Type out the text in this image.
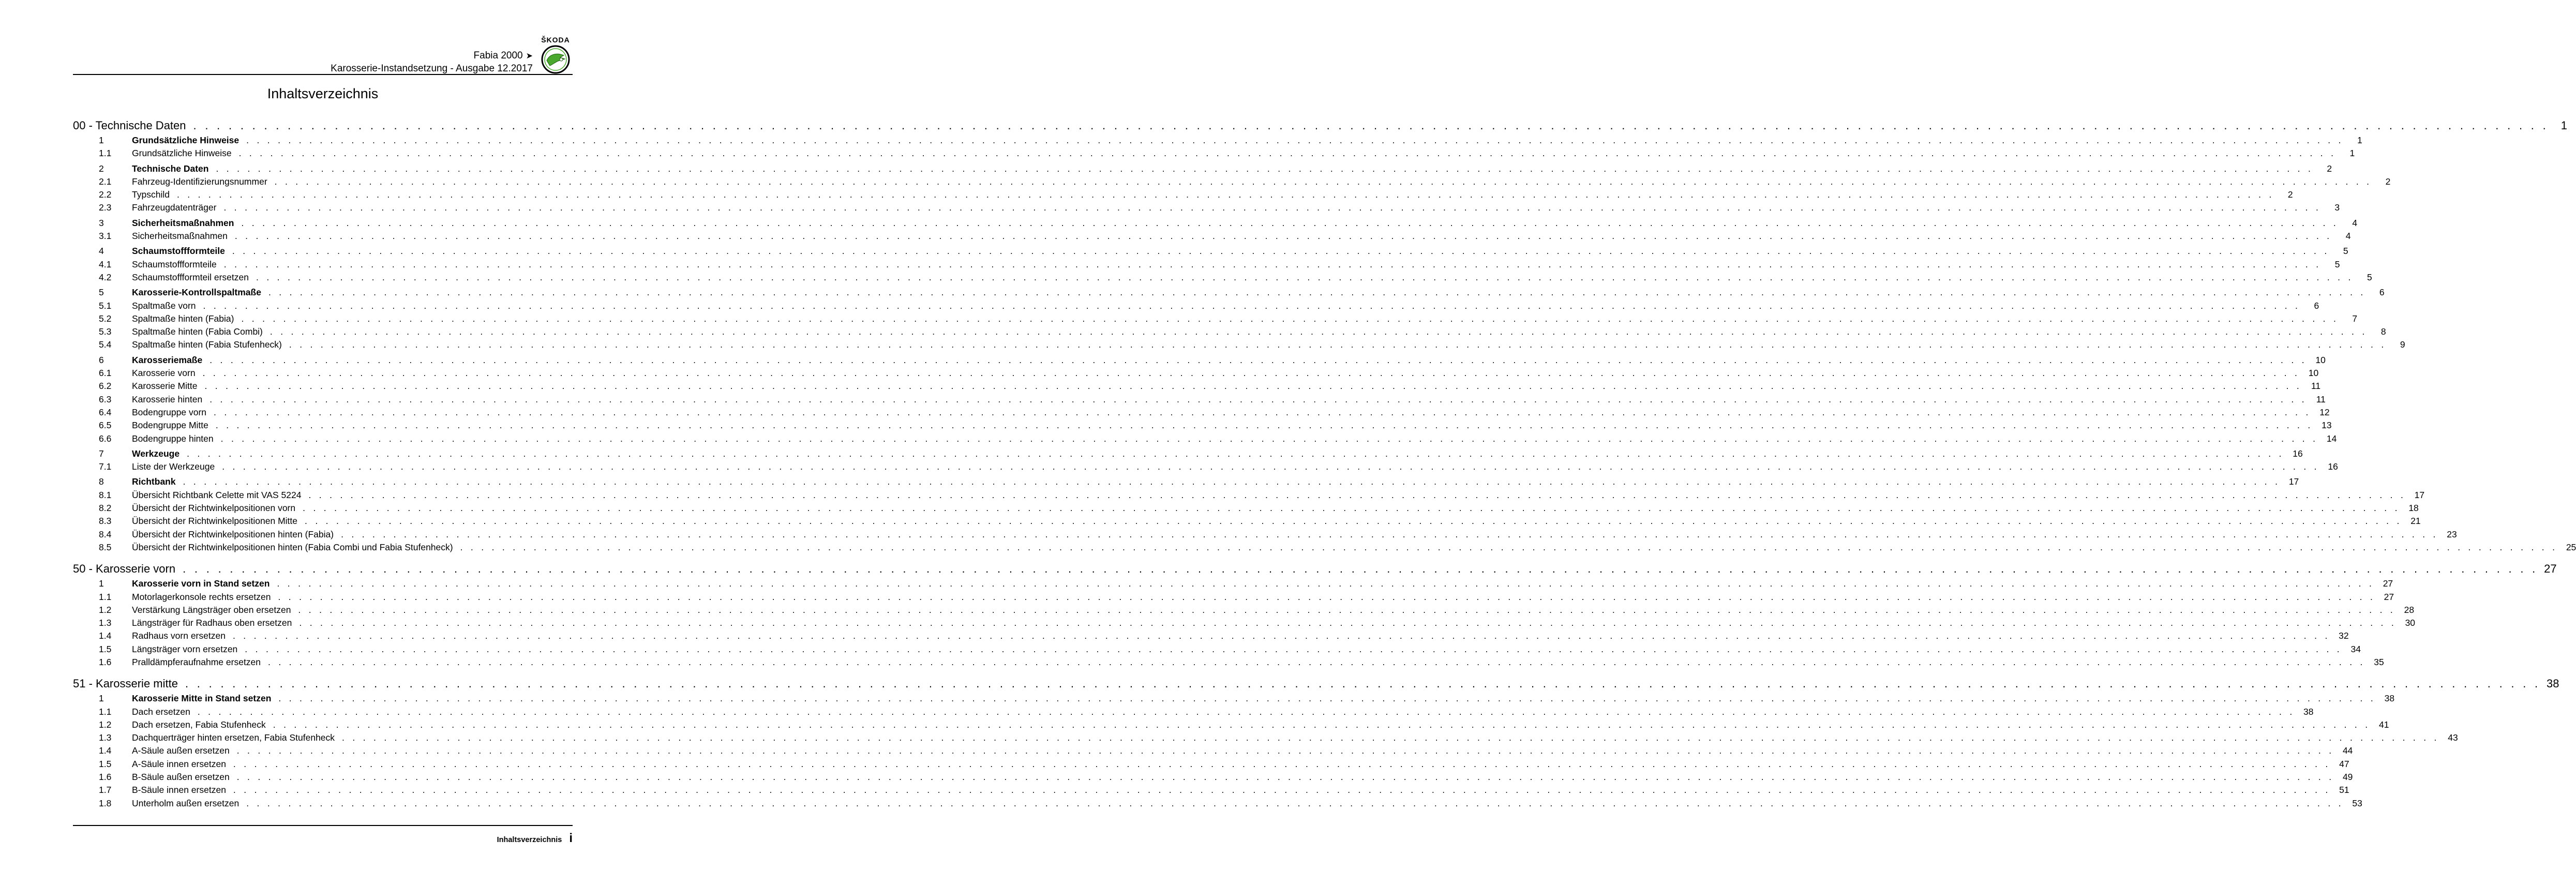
Fabia 2000 ➤
Karosserie-Instandsetzung - Ausgabe 12.2017
ŠKODA
Inhaltsverzeichnis
00 - Technische Daten . . . . . . . . . . . . . . . . . . . . . . . . . . . . . . . . . . . . . . . . . . . . . . . . . . . . . . . . . . . . . . . . . . . . . . . . . . . . . . . . . . . . . . . . . . . . . . . . . . . . . . . . . . . . . . . . . . . . . . . . . . . . . . . . . . . . . . . . . . . . . . . . . . . . . . . . . . . . . . . . . . . . . . . . . . . . . . . . . . . . . . . . . . . . . . . . . . . . . . . .	1
1	Grundsätzliche Hinweise . . . . . . . . . . . . . . . . . . . . . . . . . . . . . . . . . . . . . . . . . . . . . . . . . . . . . . . . . . . . . . . . . . . . . . . . . . . . . . . . . . . . . . . . . . . . . . . . . . . . . . . . . . . . . . . . . . . . . . . . . . . . . . . . . . . . . . . . . . . . . . . . . . . . . . . . . . . . . . . . . . . . . . . . . . . . . . . . . . . . . . . . . . . . . . . . . . . . . . . .	1
1.1	Grundsätzliche Hinweise . . . . . . . . . . . . . . . . . . . . . . . . . . . . . . . . . . . . . . . . . . . . . . . . . . . . . . . . . . . . . . . . . . . . . . . . . . . . . . . . . . . . . . . . . . . . . . . . . . . . . . . . . . . . . . . . . . . . . . . . . . . . . . . . . . . . . . . . . . . . . . . . . . . . . . . . . . . . . . . . . . . . . . . . . . . . . . . . . . . . . . . . . . . . . . . . . . . . . . . .	1
2	Technische Daten . . . . . . . . . . . . . . . . . . . . . . . . . . . . . . . . . . . . . . . . . . . . . . . . . . . . . . . . . . . . . . . . . . . . . . . . . . . . . . . . . . . . . . . . . . . . . . . . . . . . . . . . . . . . . . . . . . . . . . . . . . . . . . . . . . . . . . . . . . . . . . . . . . . . . . . . . . . . . . . . . . . . . . . . . . . . . . . . . . . . . . . . . . . . . . . . . . . . . . . .	2
2.1	Fahrzeug-Identifizierungsnummer . . . . . . . . . . . . . . . . . . . . . . . . . . . . . . . . . . . . . . . . . . . . . . . . . . . . . . . . . . . . . . . . . . . . . . . . . . . . . . . . . . . . . . . . . . . . . . . . . . . . . . . . . . . . . . . . . . . . . . . . . . . . . . . . . . . . . . . . . . . . . . . . . . . . . . . . . . . . . . . . . . . . . . . . . . . . . . . . . . . . . . . . . . . . . . . . . . . . . . . .	2
2.2	Typschild . . . . . . . . . . . . . . . . . . . . . . . . . . . . . . . . . . . . . . . . . . . . . . . . . . . . . . . . . . . . . . . . . . . . . . . . . . . . . . . . . . . . . . . . . . . . . . . . . . . . . . . . . . . . . . . . . . . . . . . . . . . . . . . . . . . . . . . . . . . . . . . . . . . . . . . . . . . . . . . . . . . . . . . . . . . . . . . . . . . . . . . . . . . . . . . . . . . . . . . .	2
2.3	Fahrzeugdatenträger . . . . . . . . . . . . . . . . . . . . . . . . . . . . . . . . . . . . . . . . . . . . . . . . . . . . . . . . . . . . . . . . . . . . . . . . . . . . . . . . . . . . . . . . . . . . . . . . . . . . . . . . . . . . . . . . . . . . . . . . . . . . . . . . . . . . . . . . . . . . . . . . . . . . . . . . . . . . . . . . . . . . . . . . . . . . . . . . . . . . . . . . . . . . . . . . . . . . . . . .	3
3	Sicherheitsmaßnahmen . . . . . . . . . . . . . . . . . . . . . . . . . . . . . . . . . . . . . . . . . . . . . . . . . . . . . . . . . . . . . . . . . . . . . . . . . . . . . . . . . . . . . . . . . . . . . . . . . . . . . . . . . . . . . . . . . . . . . . . . . . . . . . . . . . . . . . . . . . . . . . . . . . . . . . . . . . . . . . . . . . . . . . . . . . . . . . . . . . . . . . . . . . . . . . . . . . . . . . . .	4
3.1	Sicherheitsmaßnahmen . . . . . . . . . . . . . . . . . . . . . . . . . . . . . . . . . . . . . . . . . . . . . . . . . . . . . . . . . . . . . . . . . . . . . . . . . . . . . . . . . . . . . . . . . . . . . . . . . . . . . . . . . . . . . . . . . . . . . . . . . . . . . . . . . . . . . . . . . . . . . . . . . . . . . . . . . . . . . . . . . . . . . . . . . . . . . . . . . . . . . . . . . . . . . . . . . . . . . . . .	4
4	Schaumstoffformteile . . . . . . . . . . . . . . . . . . . . . . . . . . . . . . . . . . . . . . . . . . . . . . . . . . . . . . . . . . . . . . . . . . . . . . . . . . . . . . . . . . . . . . . . . . . . . . . . . . . . . . . . . . . . . . . . . . . . . . . . . . . . . . . . . . . . . . . . . . . . . . . . . . . . . . . . . . . . . . . . . . . . . . . . . . . . . . . . . . . . . . . . . . . . . . . . . . . . . . . .	5
4.1	Schaumstoffformteile . . . . . . . . . . . . . . . . . . . . . . . . . . . . . . . . . . . . . . . . . . . . . . . . . . . . . . . . . . . . . . . . . . . . . . . . . . . . . . . . . . . . . . . . . . . . . . . . . . . . . . . . . . . . . . . . . . . . . . . . . . . . . . . . . . . . . . . . . . . . . . . . . . . . . . . . . . . . . . . . . . . . . . . . . . . . . . . . . . . . . . . . . . . . . . . . . . . . . . . .	5
4.2	Schaumstoffformteil ersetzen . . . . . . . . . . . . . . . . . . . . . . . . . . . . . . . . . . . . . . . . . . . . . . . . . . . . . . . . . . . . . . . . . . . . . . . . . . . . . . . . . . . . . . . . . . . . . . . . . . . . . . . . . . . . . . . . . . . . . . . . . . . . . . . . . . . . . . . . . . . . . . . . . . . . . . . . . . . . . . . . . . . . . . . . . . . . . . . . . . . . . . . . . . . . . . . . . . . . . . . .	5
5	Karosserie-Kontrollspaltmaße . . . . . . . . . . . . . . . . . . . . . . . . . . . . . . . . . . . . . . . . . . . . . . . . . . . . . . . . . . . . . . . . . . . . . . . . . . . . . . . . . . . . . . . . . . . . . . . . . . . . . . . . . . . . . . . . . . . . . . . . . . . . . . . . . . . . . . . . . . . . . . . . . . . . . . . . . . . . . . . . . . . . . . . . . . . . . . . . . . . . . . . . . . . . . . . . . . . . . . . .	6
5.1	Spaltmaße vorn . . . . . . . . . . . . . . . . . . . . . . . . . . . . . . . . . . . . . . . . . . . . . . . . . . . . . . . . . . . . . . . . . . . . . . . . . . . . . . . . . . . . . . . . . . . . . . . . . . . . . . . . . . . . . . . . . . . . . . . . . . . . . . . . . . . . . . . . . . . . . . . . . . . . . . . . . . . . . . . . . . . . . . . . . . . . . . . . . . . . . . . . . . . . . . . . . . . . . . . .	6
5.2	Spaltmaße hinten (Fabia) . . . . . . . . . . . . . . . . . . . . . . . . . . . . . . . . . . . . . . . . . . . . . . . . . . . . . . . . . . . . . . . . . . . . . . . . . . . . . . . . . . . . . . . . . . . . . . . . . . . . . . . . . . . . . . . . . . . . . . . . . . . . . . . . . . . . . . . . . . . . . . . . . . . . . . . . . . . . . . . . . . . . . . . . . . . . . . . . . . . . . . . . . . . . . . . . . . . . . . . .	7
5.3	Spaltmaße hinten (Fabia Combi) . . . . . . . . . . . . . . . . . . . . . . . . . . . . . . . . . . . . . . . . . . . . . . . . . . . . . . . . . . . . . . . . . . . . . . . . . . . . . . . . . . . . . . . . . . . . . . . . . . . . . . . . . . . . . . . . . . . . . . . . . . . . . . . . . . . . . . . . . . . . . . . . . . . . . . . . . . . . . . . . . . . . . . . . . . . . . . . . . . . . . . . . . . . . . . . . . . . . . . . .	8
5.4	Spaltmaße hinten (Fabia Stufenheck) . . . . . . . . . . . . . . . . . . . . . . . . . . . . . . . . . . . . . . . . . . . . . . . . . . . . . . . . . . . . . . . . . . . . . . . . . . . . . . . . . . . . . . . . . . . . . . . . . . . . . . . . . . . . . . . . . . . . . . . . . . . . . . . . . . . . . . . . . . . . . . . . . . . . . . . . . . . . . . . . . . . . . . . . . . . . . . . . . . . . . . . . . . . . . . . . . . . . . . . .	9
6	Karosseriemaße . . . . . . . . . . . . . . . . . . . . . . . . . . . . . . . . . . . . . . . . . . . . . . . . . . . . . . . . . . . . . . . . . . . . . . . . . . . . . . . . . . . . . . . . . . . . . . . . . . . . . . . . . . . . . . . . . . . . . . . . . . . . . . . . . . . . . . . . . . . . . . . . . . . . . . . . . . . . . . . . . . . . . . . . . . . . . . . . . . . . . . . . . . . . . . . . . . . . . . . . 10
6.1	Karosserie vorn . . . . . . . . . . . . . . . . . . . . . . . . . . . . . . . . . . . . . . . . . . . . . . . . . . . . . . . . . . . . . . . . . . . . . . . . . . . . . . . . . . . . . . . . . . . . . . . . . . . . . . . . . . . . . . . . . . . . . . . . . . . . . . . . . . . . . . . . . . . . . . . . . . . . . . . . . . . . . . . . . . . . . . . . . . . . . . . . . . . . . . . . . . . . . . . . . . . . . . . . 10
6.2	Karosserie Mitte . . . . . . . . . . . . . . . . . . . . . . . . . . . . . . . . . . . . . . . . . . . . . . . . . . . . . . . . . . . . . . . . . . . . . . . . . . . . . . . . . . . . . . . . . . . . . . . . . . . . . . . . . . . . . . . . . . . . . . . . . . . . . . . . . . . . . . . . . . . . . . . . . . . . . . . . . . . . . . . . . . . . . . . . . . . . . . . . . . . . . . . . . . . . . . . . . . . . . . . .	11
6.3	Karosserie hinten . . . . . . . . . . . . . . . . . . . . . . . . . . . . . . . . . . . . . . . . . . . . . . . . . . . . . . . . . . . . . . . . . . . . . . . . . . . . . . . . . . . . . . . . . . . . . . . . . . . . . . . . . . . . . . . . . . . . . . . . . . . . . . . . . . . . . . . . . . . . . . . . . . . . . . . . . . . . . . . . . . . . . . . . . . . . . . . . . . . . . . . . . . . . . . . . . . . . . . . .	11
6.4	Bodengruppe vorn . . . . . . . . . . . . . . . . . . . . . . . . . . . . . . . . . . . . . . . . . . . . . . . . . . . . . . . . . . . . . . . . . . . . . . . . . . . . . . . . . . . . . . . . . . . . . . . . . . . . . . . . . . . . . . . . . . . . . . . . . . . . . . . . . . . . . . . . . . . . . . . . . . . . . . . . . . . . . . . . . . . . . . . . . . . . . . . . . . . . . . . . . . . . . . . . . . . . . . . . 12
6.5	Bodengruppe Mitte . . . . . . . . . . . . . . . . . . . . . . . . . . . . . . . . . . . . . . . . . . . . . . . . . . . . . . . . . . . . . . . . . . . . . . . . . . . . . . . . . . . . . . . . . . . . . . . . . . . . . . . . . . . . . . . . . . . . . . . . . . . . . . . . . . . . . . . . . . . . . . . . . . . . . . . . . . . . . . . . . . . . . . . . . . . . . . . . . . . . . . . . . . . . . . . . . . . . . . . . 13
6.6	Bodengruppe hinten . . . . . . . . . . . . . . . . . . . . . . . . . . . . . . . . . . . . . . . . . . . . . . . . . . . . . . . . . . . . . . . . . . . . . . . . . . . . . . . . . . . . . . . . . . . . . . . . . . . . . . . . . . . . . . . . . . . . . . . . . . . . . . . . . . . . . . . . . . . . . . . . . . . . . . . . . . . . . . . . . . . . . . . . . . . . . . . . . . . . . . . . . . . . . . . . . . . . . . . . 14
7	Werkzeuge . . . . . . . . . . . . . . . . . . . . . . . . . . . . . . . . . . . . . . . . . . . . . . . . . . . . . . . . . . . . . . . . . . . . . . . . . . . . . . . . . . . . . . . . . . . . . . . . . . . . . . . . . . . . . . . . . . . . . . . . . . . . . . . . . . . . . . . . . . . . . . . . . . . . . . . . . . . . . . . . . . . . . . . . . . . . . . . . . . . . . . . . . . . . . . . . . . . . . . . . 16
7.1	Liste der Werkzeuge . . . . . . . . . . . . . . . . . . . . . . . . . . . . . . . . . . . . . . . . . . . . . . . . . . . . . . . . . . . . . . . . . . . . . . . . . . . . . . . . . . . . . . . . . . . . . . . . . . . . . . . . . . . . . . . . . . . . . . . . . . . . . . . . . . . . . . . . . . . . . . . . . . . . . . . . . . . . . . . . . . . . . . . . . . . . . . . . . . . . . . . . . . . . . . . . . . . . . . . . 16
8	Richtbank . . . . . . . . . . . . . . . . . . . . . . . . . . . . . . . . . . . . . . . . . . . . . . . . . . . . . . . . . . . . . . . . . . . . . . . . . . . . . . . . . . . . . . . . . . . . . . . . . . . . . . . . . . . . . . . . . . . . . . . . . . . . . . . . . . . . . . . . . . . . . . . . . . . . . . . . . . . . . . . . . . . . . . . . . . . . . . . . . . . . . . . . . . . . . . . . . . . . . . . . 17
8.1	Übersicht Richtbank Celette mit VAS 5224 . . . . . . . . . . . . . . . . . . . . . . . . . . . . . . . . . . . . . . . . . . . . . . . . . . . . . . . . . . . . . . . . . . . . . . . . . . . . . . . . . . . . . . . . . . . . . . . . . . . . . . . . . . . . . . . . . . . . . . . . . . . . . . . . . . . . . . . . . . . . . . . . . . . . . . . . . . . . . . . . . . . . . . . . . . . . . . . . . . . . . . . . . . . . . . . . . . . . . . . . 17
8.2	Übersicht der Richtwinkelpositionen vorn . . . . . . . . . . . . . . . . . . . . . . . . . . . . . . . . . . . . . . . . . . . . . . . . . . . . . . . . . . . . . . . . . . . . . . . . . . . . . . . . . . . . . . . . . . . . . . . . . . . . . . . . . . . . . . . . . . . . . . . . . . . . . . . . . . . . . . . . . . . . . . . . . . . . . . . . . . . . . . . . . . . . . . . . . . . . . . . . . . . . . . . . . . . . . . . . . . . . . . . . 18
8.3	Übersicht der Richtwinkelpositionen Mitte . . . . . . . . . . . . . . . . . . . . . . . . . . . . . . . . . . . . . . . . . . . . . . . . . . . . . . . . . . . . . . . . . . . . . . . . . . . . . . . . . . . . . . . . . . . . . . . . . . . . . . . . . . . . . . . . . . . . . . . . . . . . . . . . . . . . . . . . . . . . . . . . . . . . . . . . . . . . . . . . . . . . . . . . . . . . . . . . . . . . . . . . . . . . . . . . . . . . . . . . 21
8.4	Übersicht der Richtwinkelpositionen hinten (Fabia) . . . . . . . . . . . . . . . . . . . . . . . . . . . . . . . . . . . . . . . . . . . . . . . . . . . . . . . . . . . . . . . . . . . . . . . . . . . . . . . . . . . . . . . . . . . . . . . . . . . . . . . . . . . . . . . . . . . . . . . . . . . . . . . . . . . . . . . . . . . . . . . . . . . . . . . . . . . . . . . . . . . . . . . . . . . . . . . . . . . . . . . . . . . . . . . . . . . . . . . . 23
8.5	Übersicht der Richtwinkelpositionen hinten (Fabia Combi und Fabia Stufenheck) . . . . . . . . . . . . . . . . . . . . . . . . . . . . . . . . . . . . . . . . . . . . . . . . . . . . . . . . . . . . . . . . . . . . . . . . . . . . . . . . . . . . . . . . . . . . . . . . . . . . . . . . . . . . . . . . . . . . . . . . . . . . . . . . . . . . . . . . . . . . . . . . . . . . . . . . . . . . . . . . . . . . . . . . . . . . . . . . . . . . . . . . . . . . . . . . . . . . . . . . 25
50 - Karosserie vorn . . . . . . . . . . . . . . . . . . . . . . . . . . . . . . . . . . . . . . . . . . . . . . . . . . . . . . . . . . . . . . . . . . . . . . . . . . . . . . . . . . . . . . . . . . . . . . . . . . . . . . . . . . . . . . . . . . . . . . . . . . . . . . . . . . . . . . . . . . . . . . . . . . . . . . . . . . . . . . . . . . . . . . . . . . . . . . . . . . . . . . . . . . . . . . . . . . . . . . . . 27
1	Karosserie vorn in Stand setzen . . . . . . . . . . . . . . . . . . . . . . . . . . . . . . . . . . . . . . . . . . . . . . . . . . . . . . . . . . . . . . . . . . . . . . . . . . . . . . . . . . . . . . . . . . . . . . . . . . . . . . . . . . . . . . . . . . . . . . . . . . . . . . . . . . . . . . . . . . . . . . . . . . . . . . . . . . . . . . . . . . . . . . . . . . . . . . . . . . . . . . . . . . . . . . . . . . . . . . . . 27
1.1	Motorlagerkonsole rechts ersetzen . . . . . . . . . . . . . . . . . . . . . . . . . . . . . . . . . . . . . . . . . . . . . . . . . . . . . . . . . . . . . . . . . . . . . . . . . . . . . . . . . . . . . . . . . . . . . . . . . . . . . . . . . . . . . . . . . . . . . . . . . . . . . . . . . . . . . . . . . . . . . . . . . . . . . . . . . . . . . . . . . . . . . . . . . . . . . . . . . . . . . . . . . . . . . . . . . . . . . . . . 27
1.2	Verstärkung Längsträger oben ersetzen . . . . . . . . . . . . . . . . . . . . . . . . . . . . . . . . . . . . . . . . . . . . . . . . . . . . . . . . . . . . . . . . . . . . . . . . . . . . . . . . . . . . . . . . . . . . . . . . . . . . . . . . . . . . . . . . . . . . . . . . . . . . . . . . . . . . . . . . . . . . . . . . . . . . . . . . . . . . . . . . . . . . . . . . . . . . . . . . . . . . . . . . . . . . . . . . . . . . . . . . 28
1.3	Längsträger für Radhaus oben ersetzen . . . . . . . . . . . . . . . . . . . . . . . . . . . . . . . . . . . . . . . . . . . . . . . . . . . . . . . . . . . . . . . . . . . . . . . . . . . . . . . . . . . . . . . . . . . . . . . . . . . . . . . . . . . . . . . . . . . . . . . . . . . . . . . . . . . . . . . . . . . . . . . . . . . . . . . . . . . . . . . . . . . . . . . . . . . . . . . . . . . . . . . . . . . . . . . . . . . . . . . . 30
1.4	Radhaus vorn ersetzen . . . . . . . . . . . . . . . . . . . . . . . . . . . . . . . . . . . . . . . . . . . . . . . . . . . . . . . . . . . . . . . . . . . . . . . . . . . . . . . . . . . . . . . . . . . . . . . . . . . . . . . . . . . . . . . . . . . . . . . . . . . . . . . . . . . . . . . . . . . . . . . . . . . . . . . . . . . . . . . . . . . . . . . . . . . . . . . . . . . . . . . . . . . . . . . . . . . . . . . . 32
1.5	Längsträger vorn ersetzen . . . . . . . . . . . . . . . . . . . . . . . . . . . . . . . . . . . . . . . . . . . . . . . . . . . . . . . . . . . . . . . . . . . . . . . . . . . . . . . . . . . . . . . . . . . . . . . . . . . . . . . . . . . . . . . . . . . . . . . . . . . . . . . . . . . . . . . . . . . . . . . . . . . . . . . . . . . . . . . . . . . . . . . . . . . . . . . . . . . . . . . . . . . . . . . . . . . . . . . . 34
1.6	Pralldämpferaufnahme ersetzen . . . . . . . . . . . . . . . . . . . . . . . . . . . . . . . . . . . . . . . . . . . . . . . . . . . . . . . . . . . . . . . . . . . . . . . . . . . . . . . . . . . . . . . . . . . . . . . . . . . . . . . . . . . . . . . . . . . . . . . . . . . . . . . . . . . . . . . . . . . . . . . . . . . . . . . . . . . . . . . . . . . . . . . . . . . . . . . . . . . . . . . . . . . . . . . . . . . . . . . . 35
51 - Karosserie mitte . . . . . . . . . . . . . . . . . . . . . . . . . . . . . . . . . . . . . . . . . . . . . . . . . . . . . . . . . . . . . . . . . . . . . . . . . . . . . . . . . . . . . . . . . . . . . . . . . . . . . . . . . . . . . . . . . . . . . . . . . . . . . . . . . . . . . . . . . . . . . . . . . . . . . . . . . . . . . . . . . . . . . . . . . . . . . . . . . . . . . . . . . . . . . . . . . . . . . . . . 38
1	Karosserie Mitte in Stand setzen . . . . . . . . . . . . . . . . . . . . . . . . . . . . . . . . . . . . . . . . . . . . . . . . . . . . . . . . . . . . . . . . . . . . . . . . . . . . . . . . . . . . . . . . . . . . . . . . . . . . . . . . . . . . . . . . . . . . . . . . . . . . . . . . . . . . . . . . . . . . . . . . . . . . . . . . . . . . . . . . . . . . . . . . . . . . . . . . . . . . . . . . . . . . . . . . . . . . . . . . 38
1.1	Dach ersetzen . . . . . . . . . . . . . . . . . . . . . . . . . . . . . . . . . . . . . . . . . . . . . . . . . . . . . . . . . . . . . . . . . . . . . . . . . . . . . . . . . . . . . . . . . . . . . . . . . . . . . . . . . . . . . . . . . . . . . . . . . . . . . . . . . . . . . . . . . . . . . . . . . . . . . . . . . . . . . . . . . . . . . . . . . . . . . . . . . . . . . . . . . . . . . . . . . . . . . . . . 38
1.2	Dach ersetzen, Fabia Stufenheck . . . . . . . . . . . . . . . . . . . . . . . . . . . . . . . . . . . . . . . . . . . . . . . . . . . . . . . . . . . . . . . . . . . . . . . . . . . . . . . . . . . . . . . . . . . . . . . . . . . . . . . . . . . . . . . . . . . . . . . . . . . . . . . . . . . . . . . . . . . . . . . . . . . . . . . . . . . . . . . . . . . . . . . . . . . . . . . . . . . . . . . . . . . . . . . . . . . . . . . . 41
1.3	Dachquerträger hinten ersetzen, Fabia Stufenheck . . . . . . . . . . . . . . . . . . . . . . . . . . . . . . . . . . . . . . . . . . . . . . . . . . . . . . . . . . . . . . . . . . . . . . . . . . . . . . . . . . . . . . . . . . . . . . . . . . . . . . . . . . . . . . . . . . . . . . . . . . . . . . . . . . . . . . . . . . . . . . . . . . . . . . . . . . . . . . . . . . . . . . . . . . . . . . . . . . . . . . . . . . . . . . . . . . . . . . . . 43
1.4	A-Säule außen ersetzen . . . . . . . . . . . . . . . . . . . . . . . . . . . . . . . . . . . . . . . . . . . . . . . . . . . . . . . . . . . . . . . . . . . . . . . . . . . . . . . . . . . . . . . . . . . . . . . . . . . . . . . . . . . . . . . . . . . . . . . . . . . . . . . . . . . . . . . . . . . . . . . . . . . . . . . . . . . . . . . . . . . . . . . . . . . . . . . . . . . . . . . . . . . . . . . . . . . . . . . . 44
1.5	A-Säule innen ersetzen . . . . . . . . . . . . . . . . . . . . . . . . . . . . . . . . . . . . . . . . . . . . . . . . . . . . . . . . . . . . . . . . . . . . . . . . . . . . . . . . . . . . . . . . . . . . . . . . . . . . . . . . . . . . . . . . . . . . . . . . . . . . . . . . . . . . . . . . . . . . . . . . . . . . . . . . . . . . . . . . . . . . . . . . . . . . . . . . . . . . . . . . . . . . . . . . . . . . . . . . 47
1.6	B-Säule außen ersetzen . . . . . . . . . . . . . . . . . . . . . . . . . . . . . . . . . . . . . . . . . . . . . . . . . . . . . . . . . . . . . . . . . . . . . . . . . . . . . . . . . . . . . . . . . . . . . . . . . . . . . . . . . . . . . . . . . . . . . . . . . . . . . . . . . . . . . . . . . . . . . . . . . . . . . . . . . . . . . . . . . . . . . . . . . . . . . . . . . . . . . . . . . . . . . . . . . . . . . . . . 49
1.7	B-Säule innen ersetzen . . . . . . . . . . . . . . . . . . . . . . . . . . . . . . . . . . . . . . . . . . . . . . . . . . . . . . . . . . . . . . . . . . . . . . . . . . . . . . . . . . . . . . . . . . . . . . . . . . . . . . . . . . . . . . . . . . . . . . . . . . . . . . . . . . . . . . . . . . . . . . . . . . . . . . . . . . . . . . . . . . . . . . . . . . . . . . . . . . . . . . . . . . . . . . . . . . . . . . . . 51
1.8	Unterholm außen ersetzen . . . . . . . . . . . . . . . . . . . . . . . . . . . . . . . . . . . . . . . . . . . . . . . . . . . . . . . . . . . . . . . . . . . . . . . . . . . . . . . . . . . . . . . . . . . . . . . . . . . . . . . . . . . . . . . . . . . . . . . . . . . . . . . . . . . . . . . . . . . . . . . . . . . . . . . . . . . . . . . . . . . . . . . . . . . . . . . . . . . . . . . . . . . . . . . . . . . . . . . . 53
Inhaltsverzeichnis i
